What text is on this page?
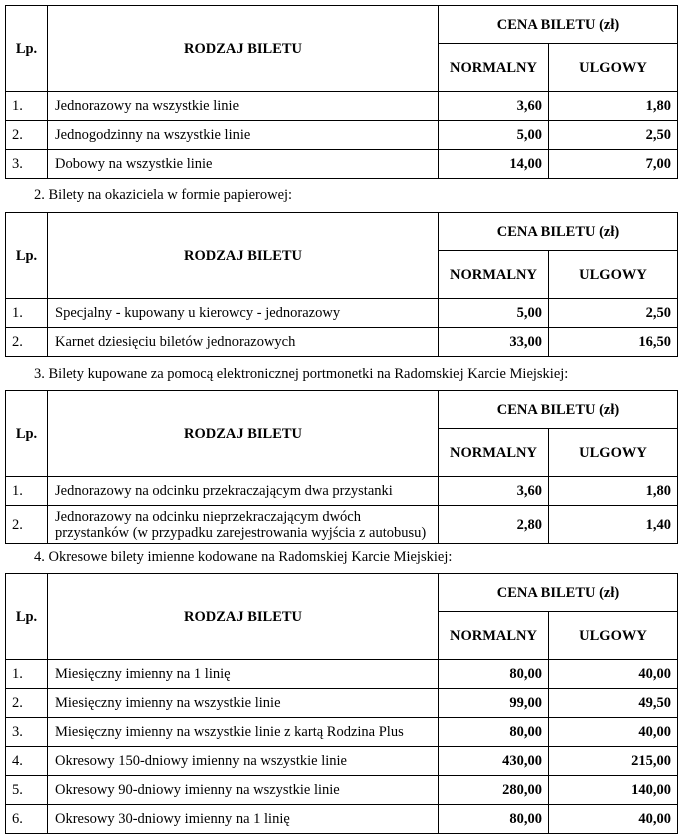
Lp.	RODZAJ BILETU	CENA BILETU (zł)	
		NORMALNY	ULGOWY
1.	Jednorazowy na wszystkie linie	3,60	1,80
2.	Jednogodzinny na wszystkie linie	5,00	2,50
3.	Dobowy na wszystkie linie	14,00	7,00

2. Bilety na okaziciela w formie papierowej:

Lp.	RODZAJ BILETU	CENA BILETU (zł)	
		NORMALNY	ULGOWY
1.	Specjalny - kupowany u kierowcy - jednorazowy	5,00	2,50
2.	Karnet dziesięciu biletów jednorazowych	33,00	16,50

3. Bilety kupowane za pomocą elektronicznej portmonetki na Radomskiej Karcie Miejskiej:

Lp.	RODZAJ BILETU	CENA BILETU (zł)	
		NORMALNY	ULGOWY
1.	Jednorazowy na odcinku przekraczającym dwa przystanki	3,60	1,80
2.	Jednorazowy na odcinku nieprzekraczającym dwóch przystanków (w przypadku zarejestrowania wyjścia z autobusu)	2,80	1,40

4. Okresowe bilety imienne kodowane na Radomskiej Karcie Miejskiej:

Lp.	RODZAJ BILETU	CENA BILETU (zł)	
		NORMALNY	ULGOWY
1.	Miesięczny imienny na 1 linię	80,00	40,00
2.	Miesięczny imienny na wszystkie linie	99,00	49,50
3.	Miesięczny imienny na wszystkie linie z kartą Rodzina Plus	80,00	40,00
4.	Okresowy 150-dniowy imienny na wszystkie linie	430,00	215,00
5.	Okresowy 90-dniowy imienny na wszystkie linie	280,00	140,00
6.	Okresowy 30-dniowy imienny na 1 linię	80,00	40,00
